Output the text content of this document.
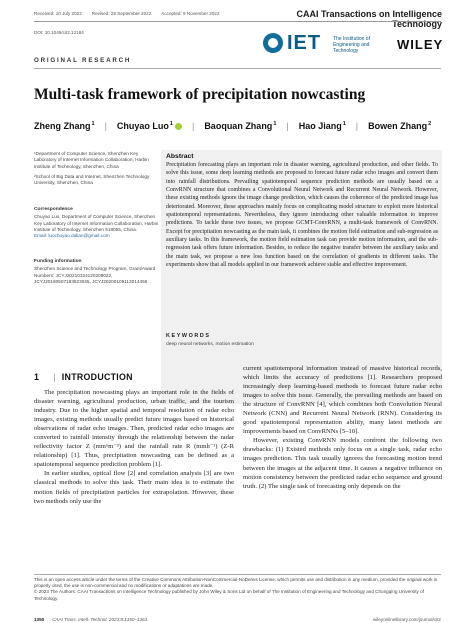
Received: 10 July 2022 Revised: 25 September 2022 Accepted: 9 November 2022	CAAI Transactions on Intelligence Technology
DOI: 10.1049/cit2.12184	IET The Institution of Engineering and Technology	WILEY
ORIGINAL RESEARCH
Multi-task framework of precipitation nowcasting
Zheng Zhang$^1$ | Chuyao Luo$^1$ | Baoquan Zhang$^1$ | Hao Jiang$^1$ | Bowen Zhang$^2$

¹Department of Computer Science, Shenzhen Key Laboratory of Internet Information Collaboration, Harbin Institute of Technology, Shenzhen, China

²School of Big Data and Internet, Shenzhen Technology University, Shenzhen, China

Correspondence
Chuyao Luo, Department of Computer Science, Shenzhen Key Laboratory of Internet Information Collaboration, Harbin Institute of Technology, Shenzhen 518055, China.
Email: luochuyao.dalian@gmail.com
Funding information
Shenzhen Science and Technology Program, Grant/Award Numbers: JCYJ20210324120208022, JCYJ20180507183823045, JCYJ20200109113014456
Abstract
Precipitation forecasting plays an important role in disaster warning, agricultural production, and other fields. To solve this issue, some deep learning methods are proposed to forecast future radar echo images and convert them into rainfall distributions. Prevailing spatiotemporal sequence prediction methods are usually based on a ConvRNN structure that combines a Convolutional Neural Network and Recurrent Neural Network. However, these existing methods ignore the image change prediction, which causes the coherence of the predicted image has deteriorated. Moreover, these approaches mainly focus on complicating model structure to exploit more historical spatiotemporal representations. Nevertheless, they ignore introducing other valuable information to improve predictions. To tackle these two issues, we propose GCMT-ConvRNN, a multi-task framework of ConvRNN. Except for precipitation nowcasting as the main task, it combines the motion field estimation and sub-regression as auxiliary tasks. In this framework, the motion field estimation task can provide motion information, and the sub-regression task offers future information. Besides, to reduce the negative transfer between the auxiliary tasks and the main task, we propose a new loss function based on the correlation of gradients in different tasks. The experiments show that all models applied in our framework achieve stable and effective improvement.
KEYWORDS
deep neural networks, motion estimation
1 | INTRODUCTION

The precipitation nowcasting plays an important role in the fields of disaster warning, agricultural production, urban traffic, and the tourism industry. Due to the higher spatial and temporal resolution of radar echo images, existing methods usually predict future images based on historical observations of radar echo images. Then, predicted radar echo images are converted to rainfall intensity through the relationship between the radar reflectivity factor Z (mm⁶m⁻³) and the rainfall rate R (mmh⁻¹) (Z-R relationship) [1]. Thus, precipitation nowcasting can be defined as a spatiotemporal sequence prediction problem [1].

In earlier studies, optical flow [2] and correlation analysis [3] are two classical methods to solve this task. Their main idea is to estimate the motion fields of precipitation particles for extrapolation. However, these two methods only use the

current spatiotemporal information instead of massive historical records, which limits the accuracy of predictions [1]. Researchers proposed increasingly deep learning-based methods to forecast future radar echo images to solve this issue. Generally, the prevailing methods are based on the structure of ConvRNN [4], which combines both Convolution Neural Network (CNN) and Recurrent Neural Network (RNN). Considering its good spatiotemporal representation ability, many latest methods are improvements based on ConvRNNs [5–10].

However, existing ConvRNN models confront the following two drawbacks: (1) Existed methods only focus on a single task, radar echo images prediction. This task usually ignores the forecasting motion trend between the images at the adjacent time. It causes a negative influence on motion consistency between the predicted radar echo sequence and ground truth. (2) The single task of forecasting only depends on the

This is an open access article under the terms of the Creative Commons Attribution-NonCommercial-NoDerivs License, which permits use and distribution in any medium, provided the original work is properly cited, the use is non-commercial and no modifications or adaptations are made.
© 2023 The Authors. CAAI Transactions on Intelligence Technology published by John Wiley & Sons Ltd on behalf of The Institution of Engineering and Technology and Chongqing University of Technology.
1350 CAAI Trans. Intell. Technol. 2023;8:1350–1363.	wileyonlinelibrary.com/journal/cit2
